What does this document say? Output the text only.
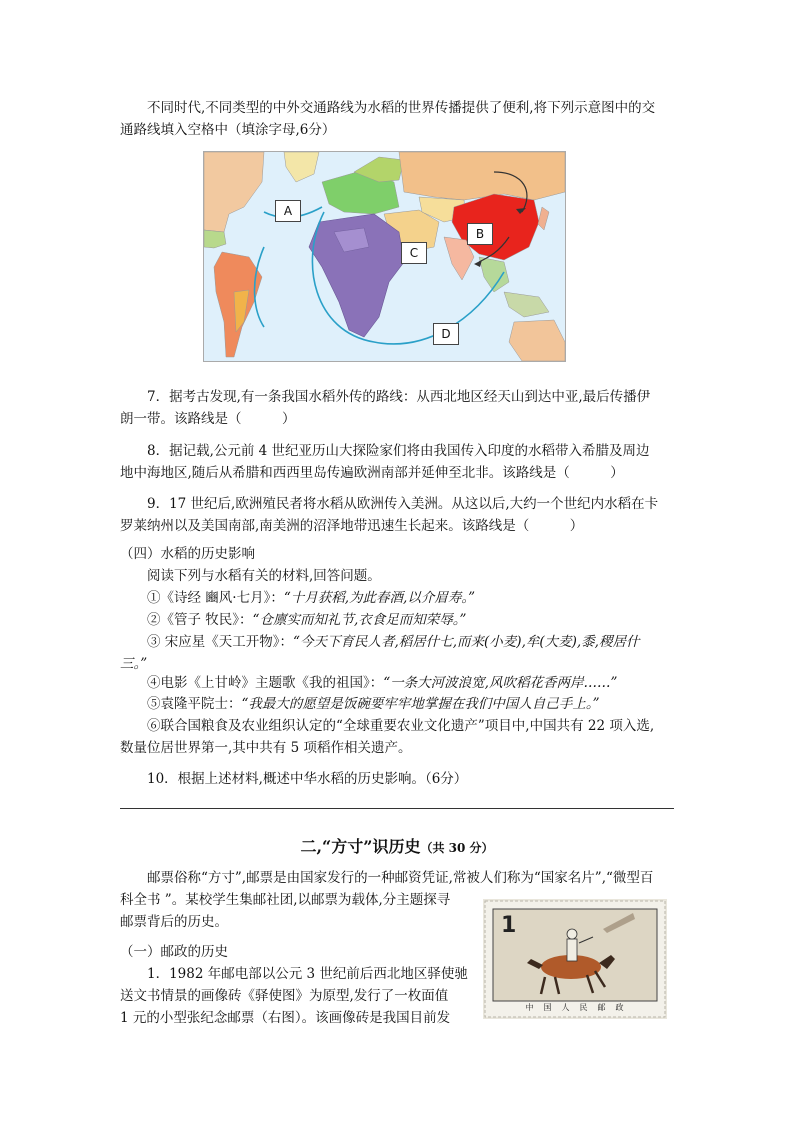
不同时代,不同类型的中外交通路线为水稻的世界传播提供了便利,将下列示意图中的交

通路线填入空格中（填涂字母,6分）

A
B
C
D

7．据考古发现,有一条我国水稻外传的路线：从西北地区经天山到达中亚,最后传播伊

朗一带。该路线是（　　　）

8．据记载,公元前 4 世纪亚历山大探险家们将由我国传入印度的水稻带入希腊及周边

地中海地区,随后从希腊和西西里岛传遍欧洲南部并延伸至北非。该路线是（　　　）

9．17 世纪后,欧洲殖民者将水稻从欧洲传入美洲。从这以后,大约一个世纪内水稻在卡

罗莱纳州以及美国南部,南美洲的沼泽地带迅速生长起来。该路线是（　　　）

（四）水稻的历史影响

阅读下列与水稻有关的材料,回答问题。

①《诗经 豳风·七月》：“十月获稻,为此春酒,以介眉寿。”

②《管子 牧民》：“仓廪实而知礼节,衣食足而知荣辱。”

③ 宋应星《天工开物》：“今天下育民人者,稻居什七,而来(小麦),牟(大麦),黍,稷居什

三。”

④电影《上甘岭》主题歌《我的祖国》：“一条大河波浪宽,风吹稻花香两岸……”

⑤袁隆平院士：“我最大的愿望是饭碗要牢牢地掌握在我们中国人自己手上。”

⑥联合国粮食及农业组织认定的“全球重要农业文化遗产”项目中,中国共有 22 项入选,

数量位居世界第一,其中共有 5 项稻作相关遗产。

10．根据上述材料,概述中华水稻的历史影响。（6分）

二,“方寸”识历史（共 30 分）

邮票俗称“方寸”,邮票是由国家发行的一种邮资凭证,常被人们称为“国家名片”,“微型百

科全书 ”。某校学生集邮社团,以邮票为载体,分主题探寻

邮票背后的历史。

（一）邮政的历史

1．1982 年邮电部以公元 3 世纪前后西北地区驿使驰

送文书情景的画像砖《驿使图》为原型,发行了一枚面值

1 元的小型张纪念邮票（右图）。该画像砖是我国目前发

1
中　国　人　民　邮　政
